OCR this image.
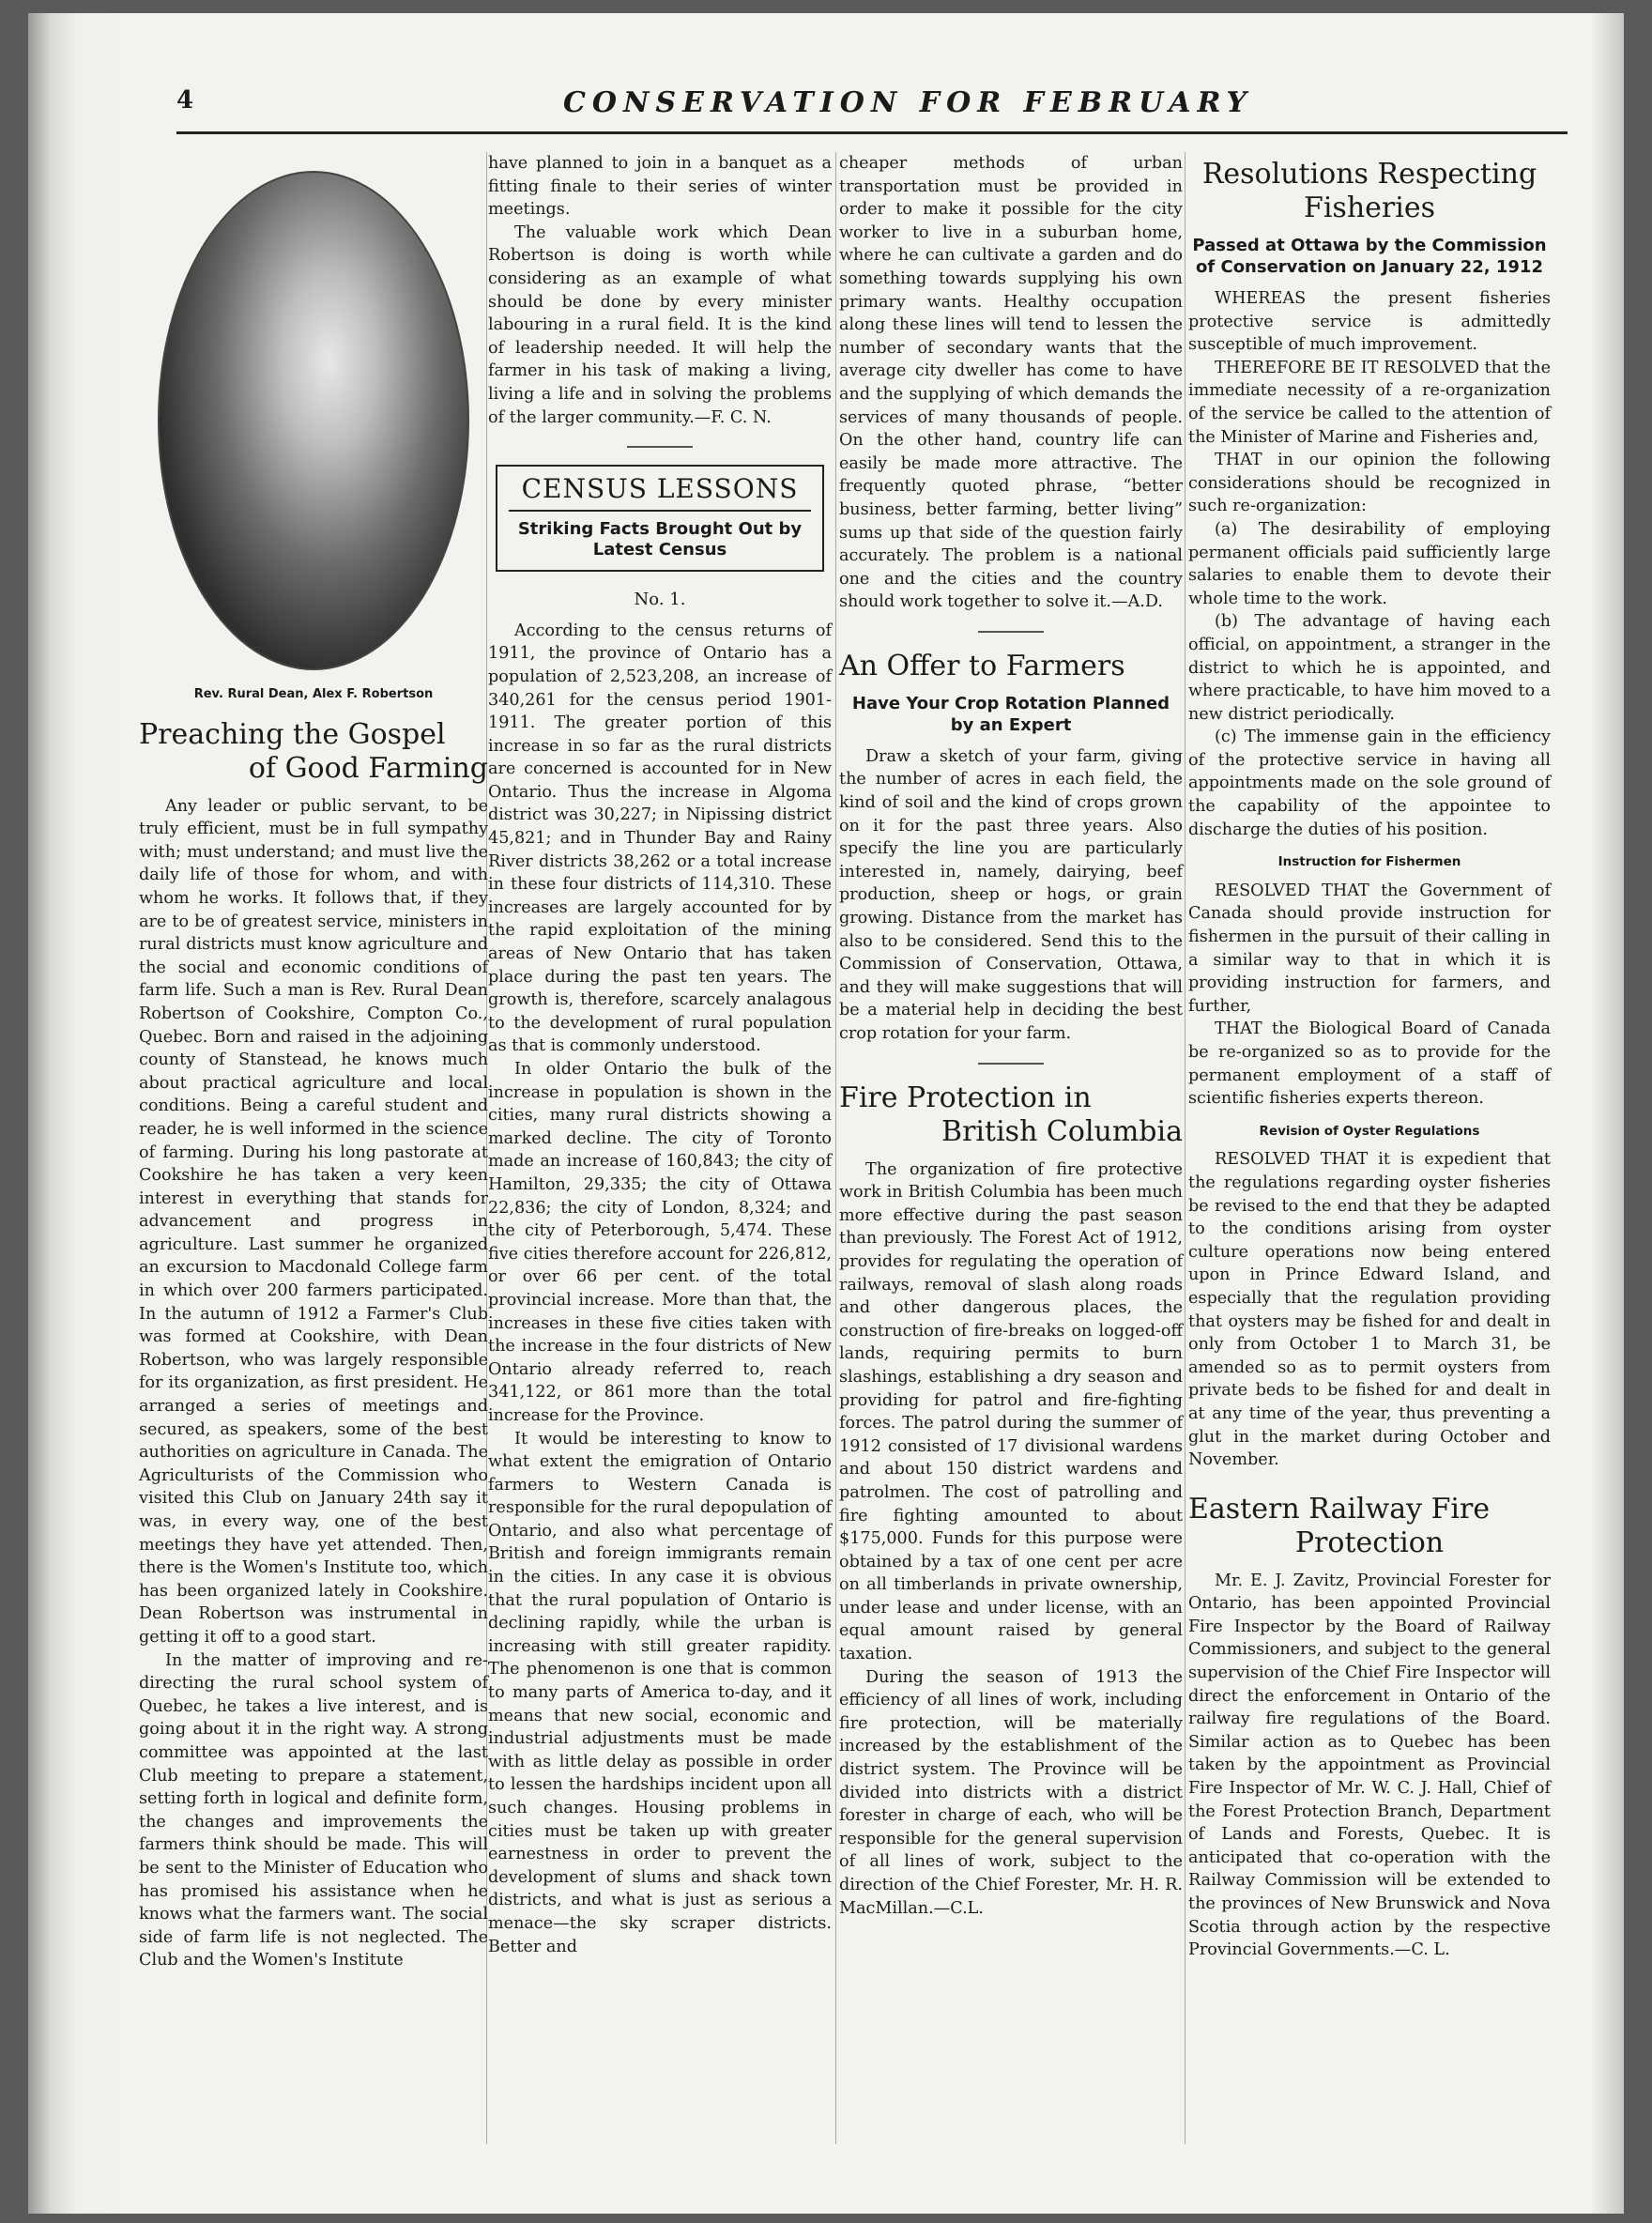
4	CONSERVATION FOR FEBRUARY
Rev. Rural Dean, Alex F. Robertson
Preaching the Gospel
of Good Farming

Any leader or public servant, to be truly efficient, must be in full sympathy with; must understand; and must live the daily life of those for whom, and with whom he works. It follows that, if they are to be of greatest service, ministers in rural districts must know agriculture and the social and economic conditions of farm life. Such a man is Rev. Rural Dean Robertson of Cookshire, Compton Co., Quebec. Born and raised in the adjoining county of Stanstead, he knows much about practical agriculture and local conditions. Being a careful student and reader, he is well informed in the science of farming. During his long pastorate at Cookshire he has taken a very keen interest in everything that stands for advancement and progress in agriculture. Last summer he organized an excursion to Macdonald College farm in which over 200 farmers participated. In the autumn of 1912 a Farmer's Club was formed at Cookshire, with Dean Robertson, who was largely responsible for its organization, as first president. He arranged a series of meetings and secured, as speakers, some of the best authorities on agriculture in Canada. The Agriculturists of the Commission who visited this Club on January 24th say it was, in every way, one of the best meetings they have yet attended. Then, there is the Women's Institute too, which has been organized lately in Cookshire. Dean Robertson was instrumental in getting it off to a good start.

In the matter of improving and re-directing the rural school system of Quebec, he takes a live interest, and is going about it in the right way. A strong committee was appointed at the last Club meeting to prepare a statement, setting forth in logical and definite form, the changes and improvements the farmers think should be made. This will be sent to the Minister of Education who has promised his assistance when he knows what the farmers want. The social side of farm life is not neglected. The Club and the Women's Institute

have planned to join in a banquet as a fitting finale to their series of winter meetings.

The valuable work which Dean Robertson is doing is worth while considering as an example of what should be done by every minister labouring in a rural field. It is the kind of leadership needed. It will help the farmer in his task of making a living, living a life and in solving the problems of the larger community.—F. C. N.

CENSUS LESSONS
Striking Facts Brought Out by Latest Census
No. 1.

According to the census returns of 1911, the province of Ontario has a population of 2,523,208, an increase of 340,261 for the census period 1901-1911. The greater portion of this increase in so far as the rural districts are concerned is accounted for in New Ontario. Thus the increase in Algoma district was 30,227; in Nipissing district 45,821; and in Thunder Bay and Rainy River districts 38,262 or a total increase in these four districts of 114,310. These increases are largely accounted for by the rapid exploitation of the mining areas of New Ontario that has taken place during the past ten years. The growth is, therefore, scarcely analagous to the development of rural population as that is commonly understood.

In older Ontario the bulk of the increase in population is shown in the cities, many rural districts showing a marked decline. The city of Toronto made an increase of 160,843; the city of Hamilton, 29,335; the city of Ottawa 22,836; the city of London, 8,324; and the city of Peterborough, 5,474. These five cities therefore account for 226,812, or over 66 per cent. of the total provincial increase. More than that, the increases in these five cities taken with the increase in the four districts of New Ontario already referred to, reach 341,122, or 861 more than the total increase for the Province.

It would be interesting to know to what extent the emigration of Ontario farmers to Western Canada is responsible for the rural depopulation of Ontario, and also what percentage of British and foreign immigrants remain in the cities. In any case it is obvious that the rural population of Ontario is declining rapidly, while the urban is increasing with still greater rapidity. The phenomenon is one that is common to many parts of America to-day, and it means that new social, economic and industrial adjustments must be made with as little delay as possible in order to lessen the hardships incident upon all such changes. Housing problems in cities must be taken up with greater earnestness in order to prevent the development of slums and shack town districts, and what is just as serious a menace—the sky scraper districts. Better and

cheaper methods of urban transportation must be provided in order to make it possible for the city worker to live in a suburban home, where he can cultivate a garden and do something towards supplying his own primary wants. Healthy occupation along these lines will tend to lessen the number of secondary wants that the average city dweller has come to have and the supplying of which demands the services of many thousands of people. On the other hand, country life can easily be made more attractive. The frequently quoted phrase, “better business, better farming, better living” sums up that side of the question fairly accurately. The problem is a national one and the cities and the country should work together to solve it.—A.D.

An Offer to Farmers
Have Your Crop Rotation Planned by an Expert

Draw a sketch of your farm, giving the number of acres in each field, the kind of soil and the kind of crops grown on it for the past three years. Also specify the line you are particularly interested in, namely, dairying, beef production, sheep or hogs, or grain growing. Distance from the market has also to be considered. Send this to the Commission of Conservation, Ottawa, and they will make suggestions that will be a material help in deciding the best crop rotation for your farm.

Fire Protection in
British Columbia

The organization of fire protective work in British Columbia has been much more effective during the past season than previously. The Forest Act of 1912, provides for regulating the operation of railways, removal of slash along roads and other dangerous places, the construction of fire-breaks on logged-off lands, requiring permits to burn slashings, establishing a dry season and providing for patrol and fire-fighting forces. The patrol during the summer of 1912 consisted of 17 divisional wardens and about 150 district wardens and patrolmen. The cost of patrolling and fire fighting amounted to about $175,000. Funds for this purpose were obtained by a tax of one cent per acre on all timberlands in private ownership, under lease and under license, with an equal amount raised by general taxation.

During the season of 1913 the efficiency of all lines of work, including fire protection, will be materially increased by the establishment of the district system. The Province will be divided into districts with a district forester in charge of each, who will be responsible for the general supervision of all lines of work, subject to the direction of the Chief Forester, Mr. H. R. MacMillan.—C.L.

Resolutions Respecting
Fisheries
Passed at Ottawa by the Commission of Conservation on January 22, 1912

WHEREAS the present fisheries protective service is admittedly susceptible of much improvement.

THEREFORE BE IT RESOLVED that the immediate necessity of a re-organization of the service be called to the attention of the Minister of Marine and Fisheries and,

THAT in our opinion the following considerations should be recognized in such re-organization:

(a) The desirability of employing permanent officials paid sufficiently large salaries to enable them to devote their whole time to the work.

(b) The advantage of having each official, on appointment, a stranger in the district to which he is appointed, and where practicable, to have him moved to a new district periodically.

(c) The immense gain in the efficiency of the protective service in having all appointments made on the sole ground of the capability of the appointee to discharge the duties of his position.

Instruction for Fishermen

RESOLVED THAT the Government of Canada should provide instruction for fishermen in the pursuit of their calling in a similar way to that in which it is providing instruction for farmers, and further,

THAT the Biological Board of Canada be re-organized so as to provide for the permanent employment of a staff of scientific fisheries experts thereon.

Revision of Oyster Regulations

RESOLVED THAT it is expedient that the regulations regarding oyster fisheries be revised to the end that they be adapted to the conditions arising from oyster culture operations now being entered upon in Prince Edward Island, and especially that the regulation providing that oysters may be fished for and dealt in only from October 1 to March 31, be amended so as to permit oysters from private beds to be fished for and dealt in at any time of the year, thus preventing a glut in the market during October and November.

Eastern Railway Fire
Protection

Mr. E. J. Zavitz, Provincial Forester for Ontario, has been appointed Provincial Fire Inspector by the Board of Railway Commissioners, and subject to the general supervision of the Chief Fire Inspector will direct the enforcement in Ontario of the railway fire regulations of the Board. Similar action as to Quebec has been taken by the appointment as Provincial Fire Inspector of Mr. W. C. J. Hall, Chief of the Forest Protection Branch, Department of Lands and Forests, Quebec. It is anticipated that co-operation with the Railway Commission will be extended to the provinces of New Brunswick and Nova Scotia through action by the respective Provincial Governments.—C. L.
